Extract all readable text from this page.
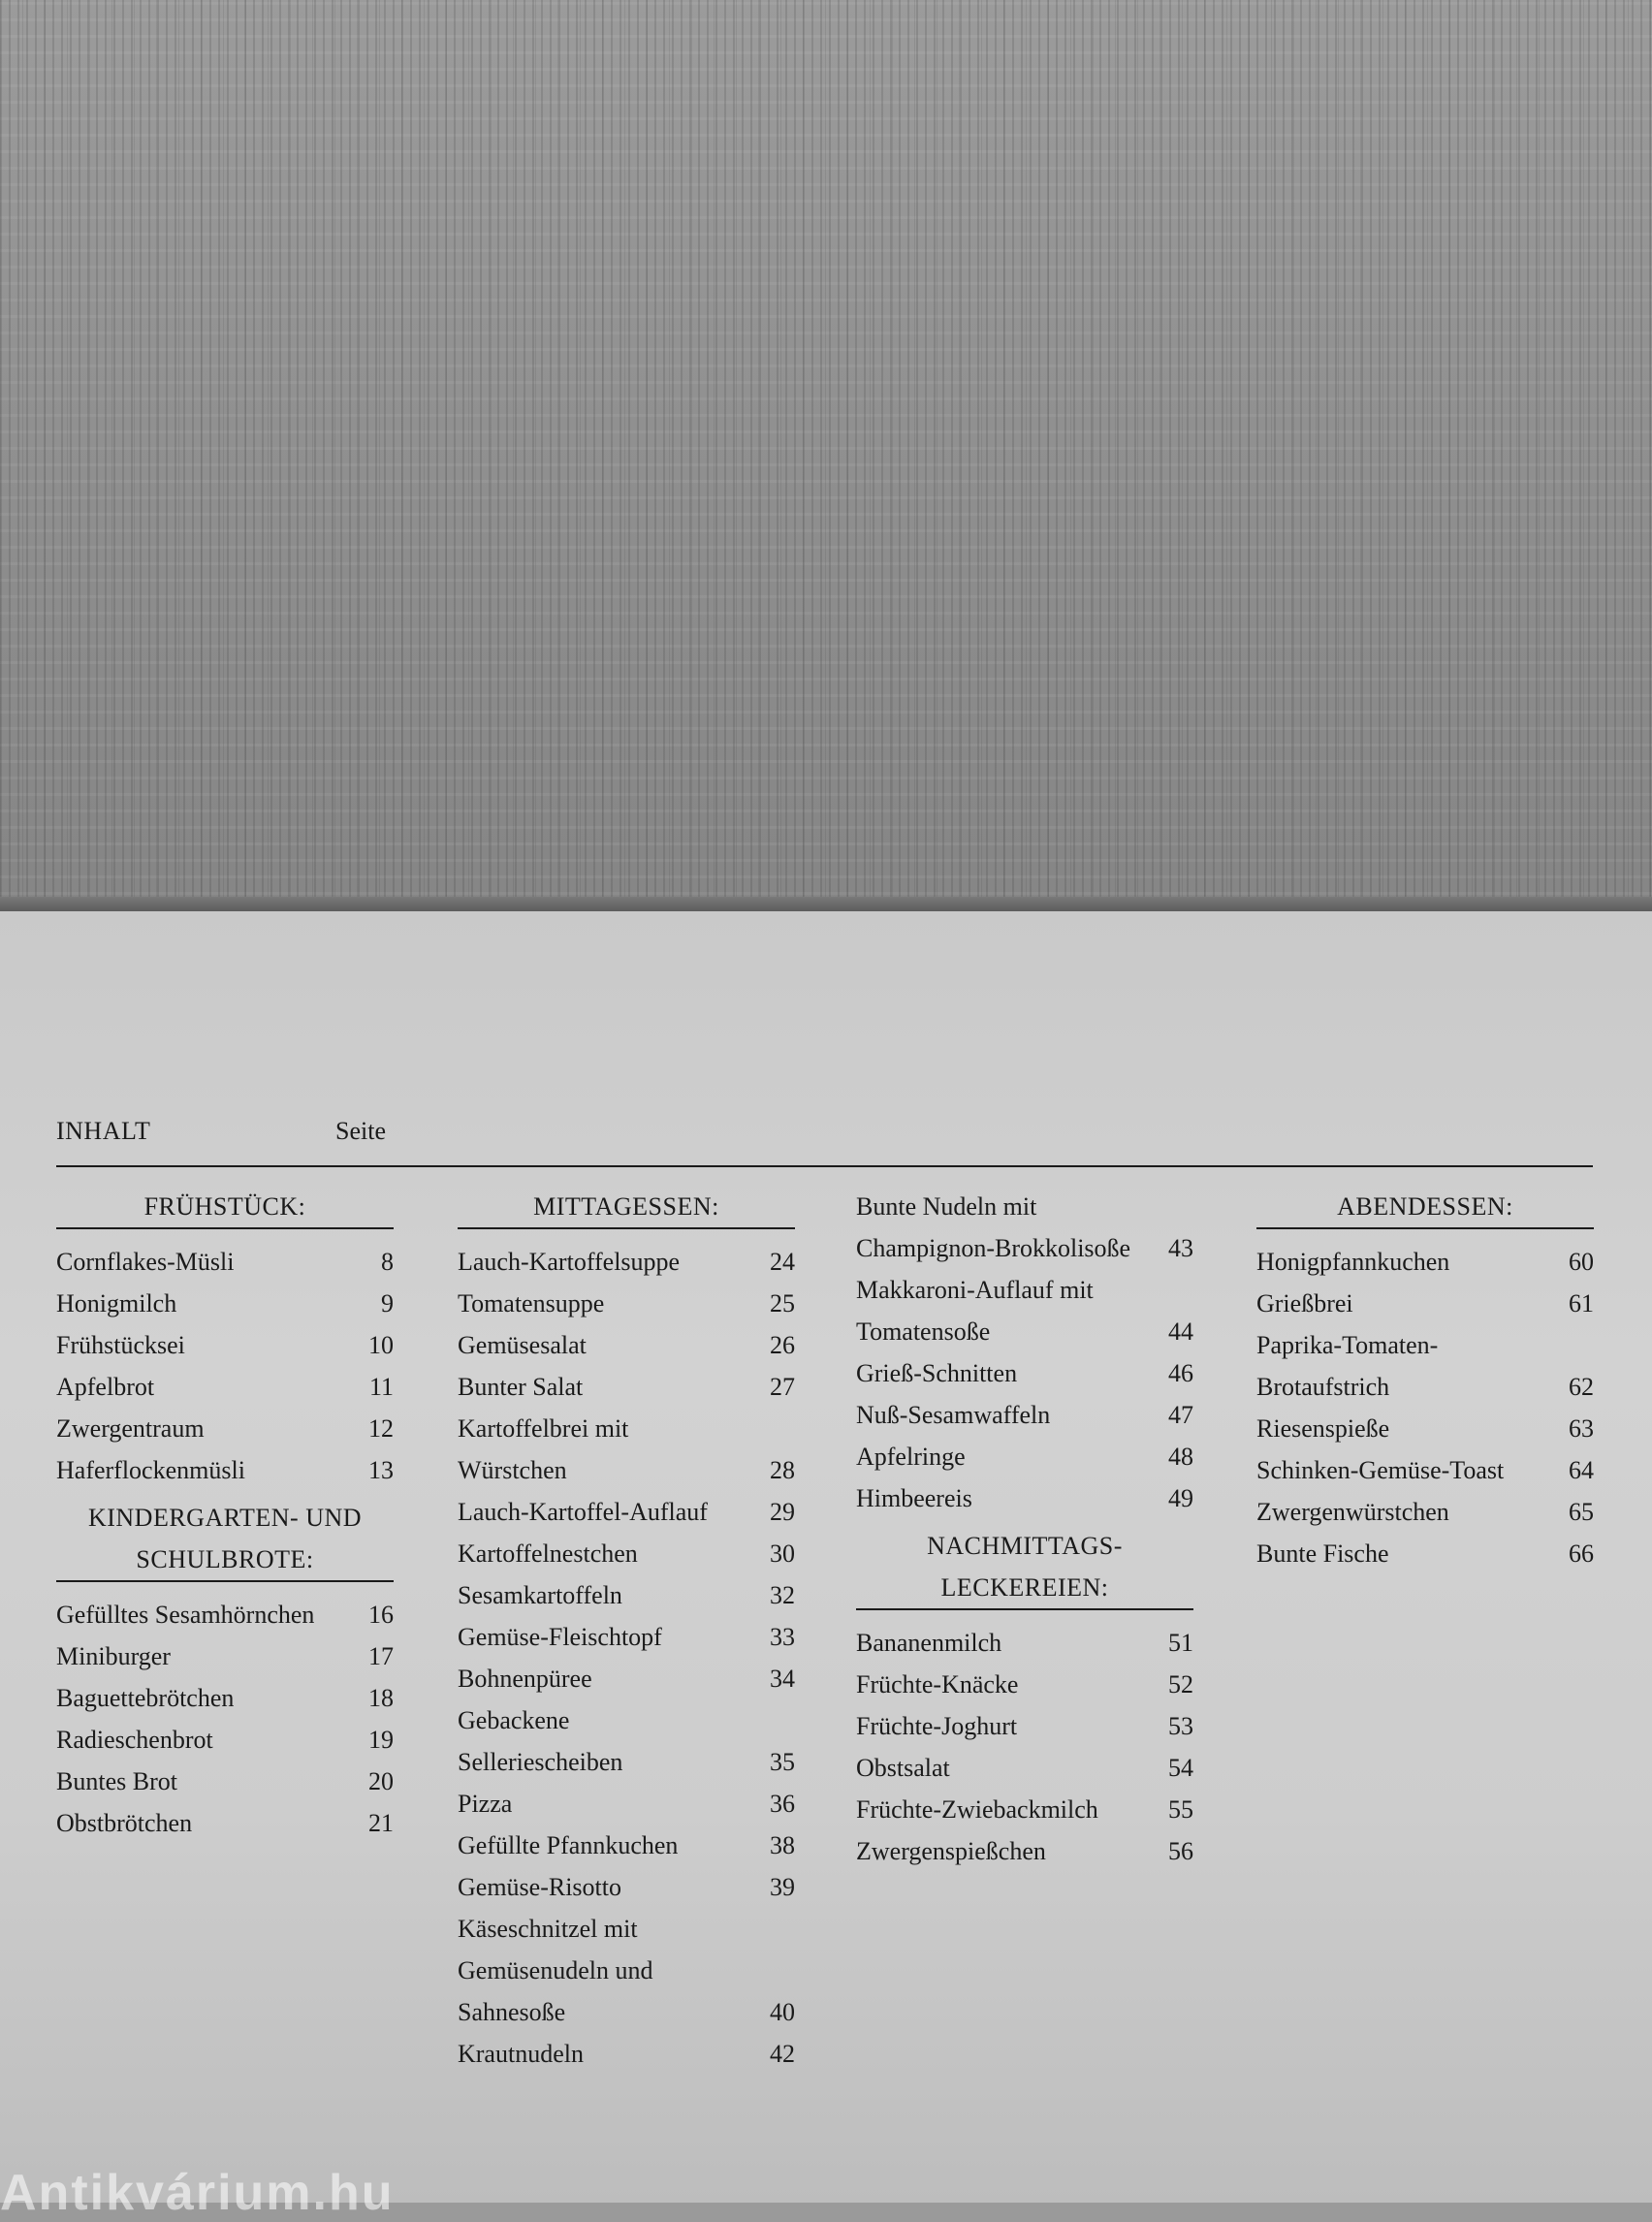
INHALT	Seite
FRÜHSTÜCK:
Cornflakes-Müsli	8
Honigmilch	9
Frühstücksei	10
Apfelbrot	11
Zwergentraum	12
Haferflockenmüsli	13
KINDERGARTEN- UND
SCHULBROTE:
Gefülltes Sesamhörnchen	16
Miniburger	17
Baguettebrötchen	18
Radieschenbrot	19
Buntes Brot	20
Obstbrötchen	21
MITTAGESSEN:
Lauch-Kartoffelsuppe	24
Tomatensuppe	25
Gemüsesalat	26
Bunter Salat	27
Kartoffelbrei mit
Würstchen	28
Lauch-Kartoffel-Auflauf	29
Kartoffelnestchen	30
Sesamkartoffeln	32
Gemüse-Fleischtopf	33
Bohnenpüree	34
Gebackene
Selleriescheiben	35
Pizza	36
Gefüllte Pfannkuchen	38
Gemüse-Risotto	39
Käseschnitzel mit
Gemüsenudeln und
Sahnesoße	40
Krautnudeln	42
Bunte Nudeln mit
Champignon-Brokkolisoße	43
Makkaroni-Auflauf mit
Tomatensoße	44
Grieß-Schnitten	46
Nuß-Sesamwaffeln	47
Apfelringe	48
Himbeereis	49
NACHMITTAGS-
LECKEREIEN:
Bananenmilch	51
Früchte-Knäcke	52
Früchte-Joghurt	53
Obstsalat	54
Früchte-Zwiebackmilch	55
Zwergenspießchen	56
ABENDESSEN:
Honigpfannkuchen	60
Grießbrei	61
Paprika-Tomaten-
Brotaufstrich	62
Riesenspieße	63
Schinken-Gemüse-Toast	64
Zwergenwürstchen	65
Bunte Fische	66
Antikvárium.hu
